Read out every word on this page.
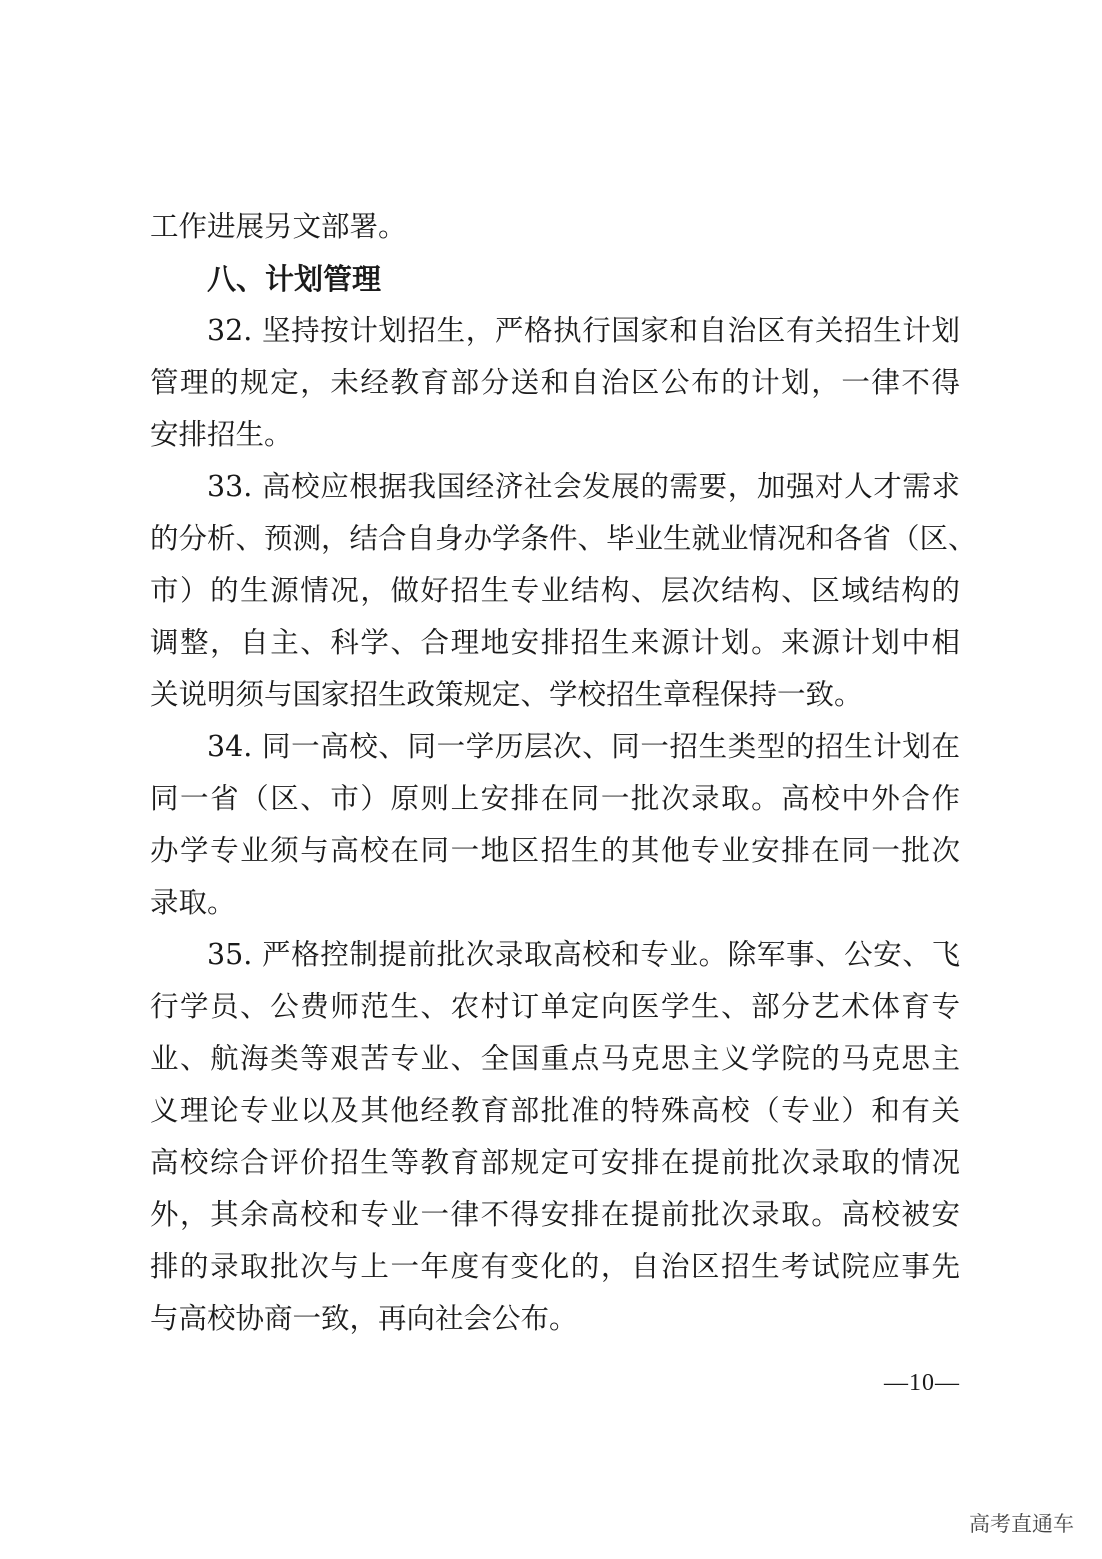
工作进展另文部署。
八、计划管理
32. 坚持按计划招生，严格执行国家和自治区有关招生计划
管理的规定，未经教育部分送和自治区公布的计划，一律不得
安排招生。
33. 高校应根据我国经济社会发展的需要，加强对人才需求
的分析、预测，结合自身办学条件、毕业生就业情况和各省（区、
市）的生源情况，做好招生专业结构、层次结构、区域结构的
调整，自主、科学、合理地安排招生来源计划。来源计划中相
关说明须与国家招生政策规定、学校招生章程保持一致。
34. 同一高校、同一学历层次、同一招生类型的招生计划在
同一省（区、市）原则上安排在同一批次录取。高校中外合作
办学专业须与高校在同一地区招生的其他专业安排在同一批次
录取。
35. 严格控制提前批次录取高校和专业。除军事、公安、飞
行学员、公费师范生、农村订单定向医学生、部分艺术体育专
业、航海类等艰苦专业、全国重点马克思主义学院的马克思主
义理论专业以及其他经教育部批准的特殊高校（专业）和有关
高校综合评价招生等教育部规定可安排在提前批次录取的情况
外，其余高校和专业一律不得安排在提前批次录取。高校被安
排的录取批次与上一年度有变化的，自治区招生考试院应事先
与高校协商一致，再向社会公布。
—10—
高考直通车
